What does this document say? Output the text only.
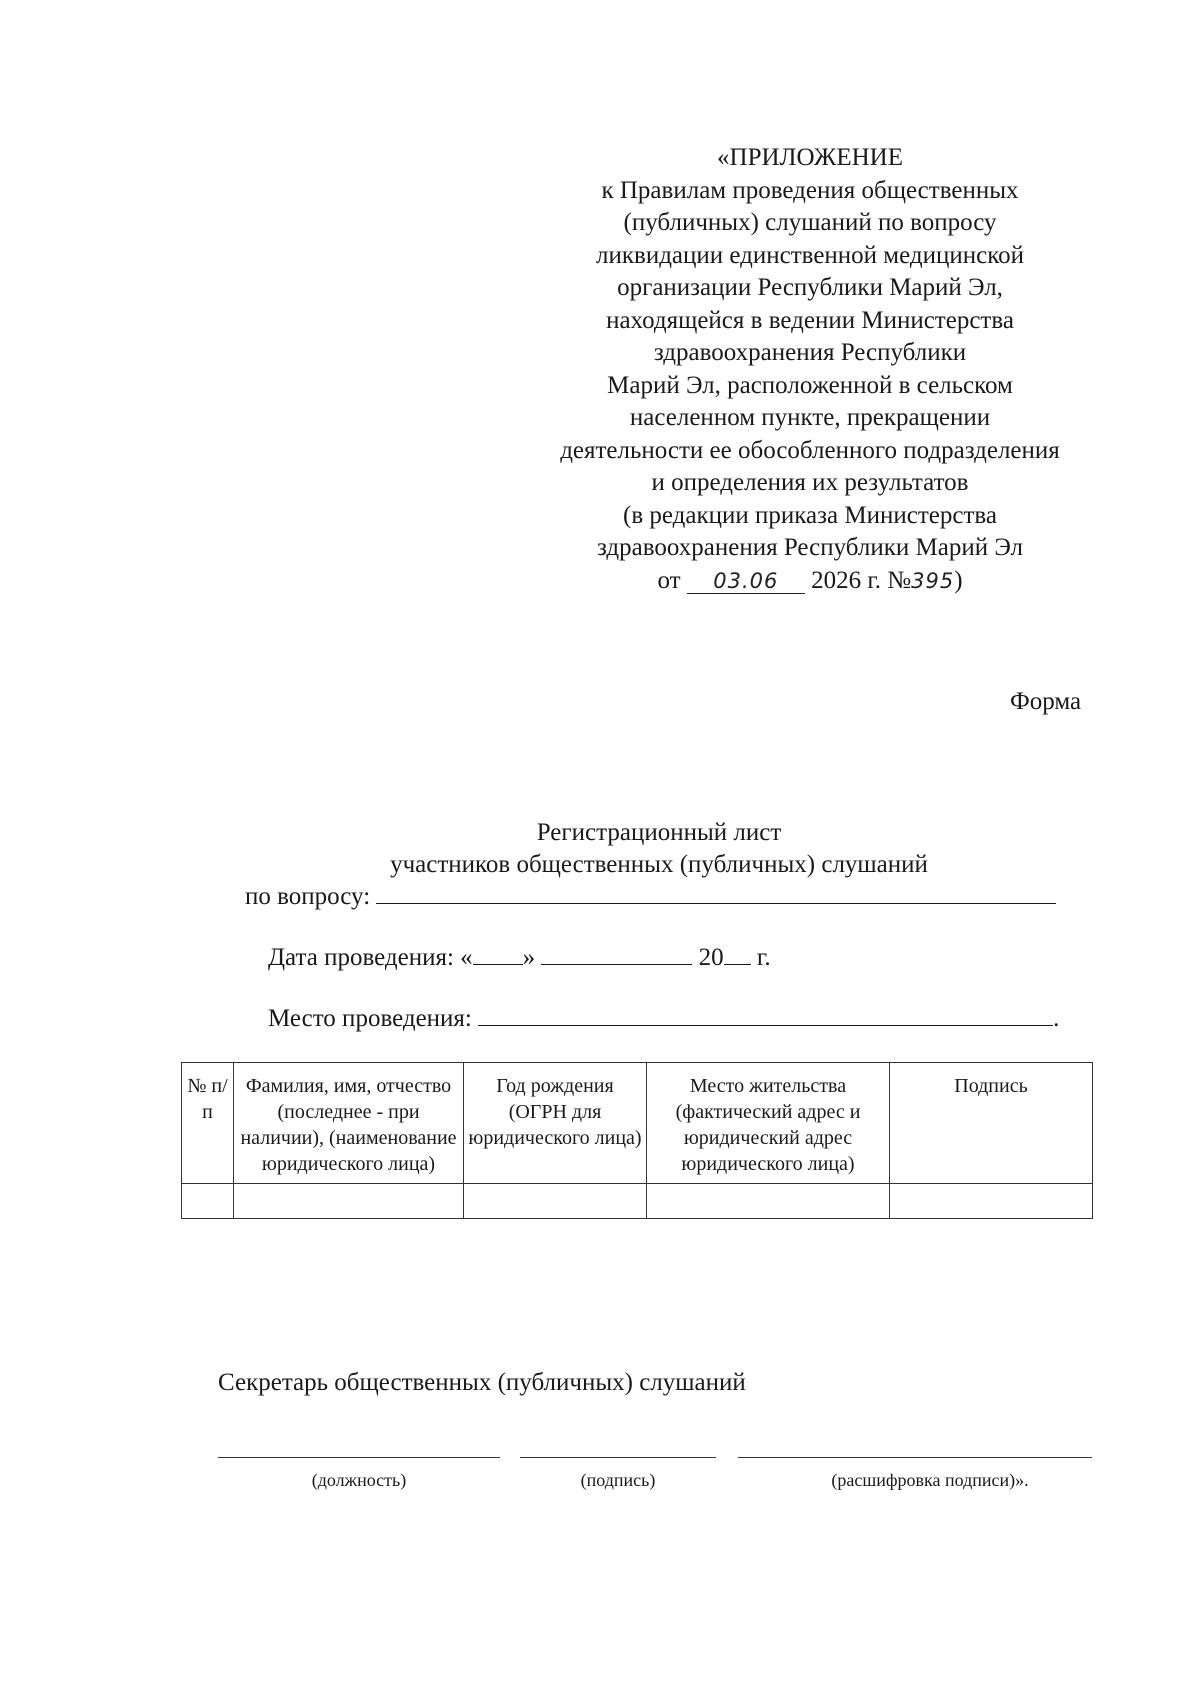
«ПРИЛОЖЕНИЕ
к Правилам проведения общественных
(публичных) слушаний по вопросу
ликвидации единственной медицинской
организации Республики Марий Эл,
находящейся в ведении Министерства
здравоохранения Республики
Марий Эл, расположенной в сельском
населенном пункте, прекращении
деятельности ее обособленного подразделения
и определения их результатов
(в редакции приказа Министерства
здравоохранения Республики Марий Эл
от 03.06 2026 г. №395)
Форма
Регистрационный лист
участников общественных (публичных) слушаний
по вопросу:
Дата проведения: « »	20 г.
Место проведения:	.
№ п/п	Фамилия, имя, отчество (последнее - при наличии), (наименование юридического лица)	Год рождения (ОГРН для юридического лица)	Место жительства (фактический адрес и юридический адрес юридического лица)	Подпись

Секретарь общественных (публичных) слушаний
(должность)	(подпись)	(расшифровка подписи)».
